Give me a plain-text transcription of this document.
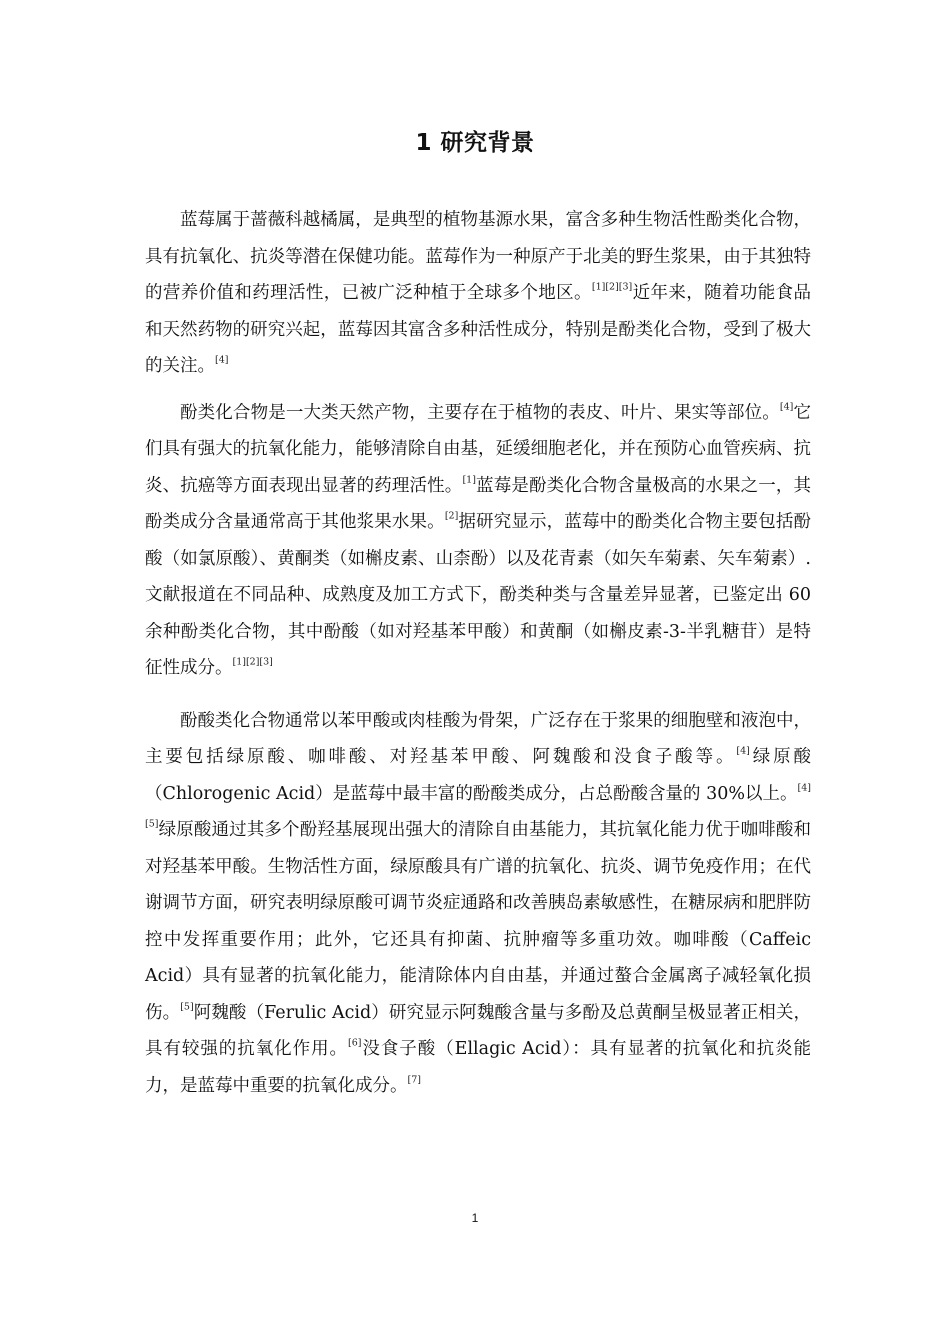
1 研究背景

蓝莓属于蔷薇科越橘属，是典型的植物基源水果，富含多种生物活性酚类化合物，具有抗氧化、抗炎等潜在保健功能。蓝莓作为一种原产于北美的野生浆果，由于其独特的营养价值和药理活性，已被广泛种植于全球多个地区。[1][2][3]近年来，随着功能食品和天然药物的研究兴起，蓝莓因其富含多种活性成分，特别是酚类化合物，受到了极大的关注。[4]

酚类化合物是一大类天然产物，主要存在于植物的表皮、叶片、果实等部位。[4]它们具有强大的抗氧化能力，能够清除自由基，延缓细胞老化，并在预防心血管疾病、抗炎、抗癌等方面表现出显著的药理活性。[1]蓝莓是酚类化合物含量极高的水果之一，其酚类成分含量通常高于其他浆果水果。[2]据研究显示，蓝莓中的酚类化合物主要包括酚酸（如氯原酸）、黄酮类（如槲皮素、山柰酚）以及花青素（如矢车菊素、矢车菊素）.文献报道在不同品种、成熟度及加工方式下，酚类种类与含量差异显著，已鉴定出 60 余种酚类化合物，其中酚酸（如对羟基苯甲酸）和黄酮（如槲皮素-3-半乳糖苷）是特征性成分。[1][2][3]

酚酸类化合物通常以苯甲酸或肉桂酸为骨架，广泛存在于浆果的细胞壁和液泡中，主要包括绿原酸、咖啡酸、对羟基苯甲酸、阿魏酸和没食子酸等。[4]绿原酸（Chlorogenic Acid）是蓝莓中最丰富的酚酸类成分，占总酚酸含量的 30%以上。[4][5]绿原酸通过其多个酚羟基展现出强大的清除自由基能力，其抗氧化能力优于咖啡酸和对羟基苯甲酸。生物活性方面，绿原酸具有广谱的抗氧化、抗炎、调节免疫作用；在代谢调节方面，研究表明绿原酸可调节炎症通路和改善胰岛素敏感性，在糖尿病和肥胖防控中发挥重要作用；此外，它还具有抑菌、抗肿瘤等多重功效。咖啡酸（Caffeic Acid）具有显著的抗氧化能力，能清除体内自由基，并通过螯合金属离子减轻氧化损伤。[5]阿魏酸（Ferulic Acid）研究显示阿魏酸含量与多酚及总黄酮呈极显著正相关，具有较强的抗氧化作用。[6]没食子酸（Ellagic Acid）：具有显著的抗氧化和抗炎能力，是蓝莓中重要的抗氧化成分。[7]

1
